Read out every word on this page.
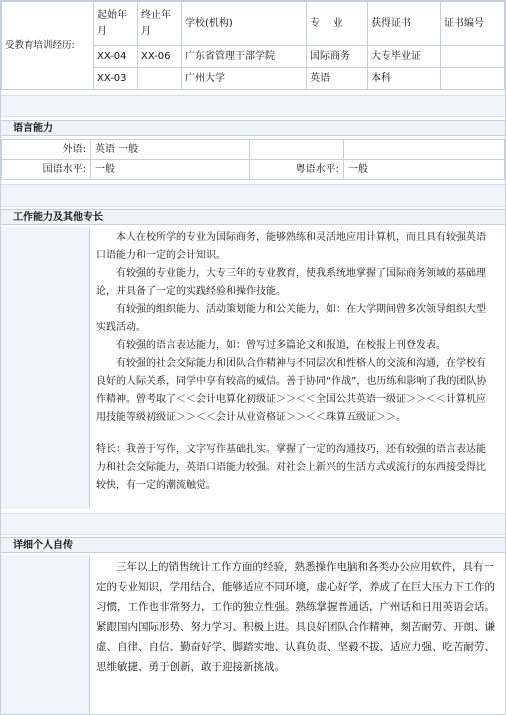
受教育培训经历:	起始年月	终止年月	学校(机构)	专    业	获得证书	证书编号
	XX-04	XX-06	广东省管理干部学院	国际商务	大专毕业证	
	XX-03		广州大学	英语	本科	
语言能力
外语:	英语 一般		
国语水平:	一般	粤语水平:	一般
工作能力及其他专长

本人在校所学的专业为国际商务，能够熟练和灵活地应用计算机，而且具有较强英语口语能力和一定的会计知识。

有较强的专业能力，大专三年的专业教育，使我系统地掌握了国际商务领域的基础理论，并具备了一定的实践经验和操作技能。

有较强的组织能力、活动策划能力和公关能力，如：在大学期间曾多次领导组织大型实践活动。

有较强的语言表达能力，如：曾写过多篇论文和报道，在校报上刊登发表。

有较强的社会交际能力和团队合作精神与不同层次和性格人的交流和沟通，在学校有良好的人际关系，同学中享有较高的威信。善于协同“作战”，也历练和影响了我的团队协作精神。曾考取了＜＜会计电算化初级证＞＞＜＜全国公共英语一级证＞＞＜＜计算机应用技能等级初级证＞＞＜＜会计从业资格证＞＞＜＜珠算五级证＞＞。

特长：我善于写作，文字写作基础扎实。掌握了一定的沟通技巧，还有较强的语言表达能力和社会交际能力，英语口语能力较强。对社会上新兴的生活方式或流行的东西接受得比较快，有一定的潮流触觉。

详细个人自传

三年以上的销售统计工作方面的经验，熟悉操作电脑和各类办公应用软件，具有一定的专业知识，学用结合，能够适应不同环境，虚心好学，养成了在巨大压力下工作的习惯，工作也非常努力，工作的独立性强。熟练掌握普通话，广州话和日用英语会话。紧跟国内国际形势、努力学习、积极上进。具良好团队合作精神，刻苦耐劳、开朗、谦虚、自律、自信、勤奋好学、脚踏实地、认真负责、坚毅不拔、适应力强、吃苦耐劳、思维敏捷、勇于创新，敢于迎接新挑战。
